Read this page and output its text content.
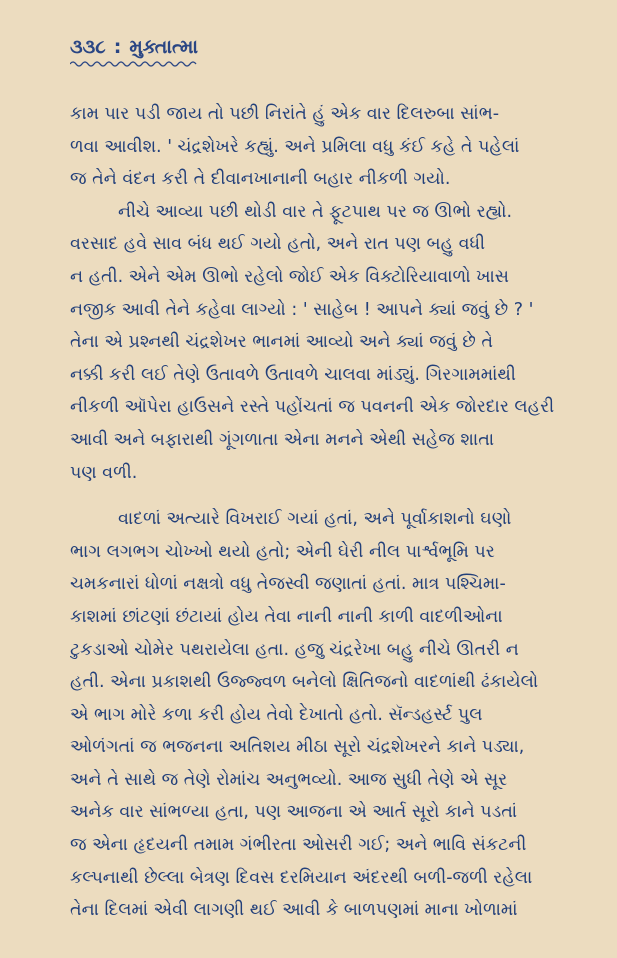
૩૩૮ : મુક્તાત્મા
કામ પાર પડી જાય તો પછી નિરાંતે હું એક વાર દિલરુબા સાંભ-
ળવા આવીશ. ' ચંદ્રશેખરે કહ્યું. અને પ્રમિલા વધુ કંઈ કહે તે પહેલાં
જ તેને વંદન કરી તે દીવાનખાનાની બહાર નીકળી ગયો.
નીચે આવ્યા પછી થોડી વાર તે ફૂટપાથ પર જ ઊભો રહ્યો.
વરસાદ હવે સાવ બંધ થઈ ગયો હતો, અને રાત પણ બહુ વધી
ન હતી. એને એમ ઊભો રહેલો જોઈ એક વિક્ટોરિયાવાળો ખાસ
નજીક આવી તેને કહેવા લાગ્યો : ' સાહેબ ! આપને ક્યાં જવું છે ? '
તેના એ પ્રશ્નથી ચંદ્રશેખર ભાનમાં આવ્યો અને ક્યાં જવું છે તે
નક્કી કરી લઈ તેણે ઉતાવળે ઉતાવળે ચાલવા માંડ્યું. ગિરગામમાંથી
નીકળી ઑપેરા હાઉસને રસ્તે પહોંચતાં જ પવનની એક જોરદાર લહરી
આવી અને બફારાથી ગૂંગળાતા એના મનને એથી સહેજ શાતા
પણ વળી.
વાદળાં અત્યારે વિખરાઈ ગયાં હતાં, અને પૂર્વાકાશનો ઘણો
ભાગ લગભગ ચોખ્ખો થયો હતો; એની ઘેરી નીલ પાર્શ્વભૂમિ પર
ચમકનારાં ધોળાં નક્ષત્રો વધુ તેજસ્વી જણાતાં હતાં. માત્ર પશ્ચિમા-
કાશમાં છાંટણાં છંટાયાં હોય તેવા નાની નાની કાળી વાદળીઓના
ટુકડાઓ ચોમેર પથરાયેલા હતા. હજુ ચંદ્રરેખા બહુ નીચે ઊતરી ન
હતી. એના પ્રકાશથી ઉજ્જ્વળ બનેલો ક્ષિતિજનો વાદળાંથી ઢંકાયેલો
એ ભાગ મોરે કળા કરી હોય તેવો દેખાતો હતો. સૅન્ડહર્સ્ટ પુલ
ઓળંગતાં જ ભજનના અતિશય મીઠા સૂરો ચંદ્રશેખરને કાને પડ્યા,
અને તે સાથે જ તેણે રોમાંચ અનુભવ્યો. આજ સુધી તેણે એ સૂર
અનેક વાર સાંભળ્યા હતા, પણ આજના એ આર્ત સૂરો કાને પડતાં
જ એના હૃદયની તમામ ગંભીરતા ઓસરી ગઈ; અને ભાવિ સંકટની
કલ્પનાથી છેલ્લા બેત્રણ દિવસ દરમિયાન અંદરથી બળી-જળી રહેલા
તેના દિલમાં એવી લાગણી થઈ આવી કે બાળપણમાં માના ખોળામાં
